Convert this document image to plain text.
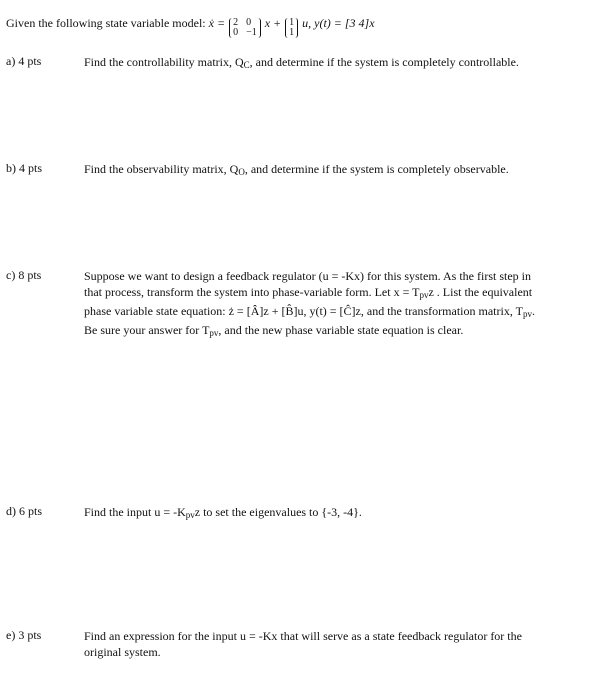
Given the following state variable model: ẋ = 2 0
0 −1
x + 1
1
u, y(t) = [3 4]x
a) 4 pts	Find the controllability matrix, $Q_C$, and determine if the system is completely controllable.
b) 4 pts	Find the observability matrix, $Q_O$, and determine if the system is completely observable.
c) 8 pts	Suppose we want to design a feedback regulator (u = -Kx) for this system. As the first step in
that process, transform the system into phase-variable form. Let $x = T_{pv}z$ . List the equivalent
phase variable state equation: ż = [Â]z + [B̂]u, y(t) = [Ĉ]z, and the transformation matrix, $T_{pv}$.
Be sure your answer for $T_{pv}$, and the new phase variable state equation is clear.
d) 6 pts	Find the input $u = -K_{pv}z$ to set the eigenvalues to {-3, -4}.
e) 3 pts	Find an expression for the input u = -Kx that will serve as a state feedback regulator for the
original system.
